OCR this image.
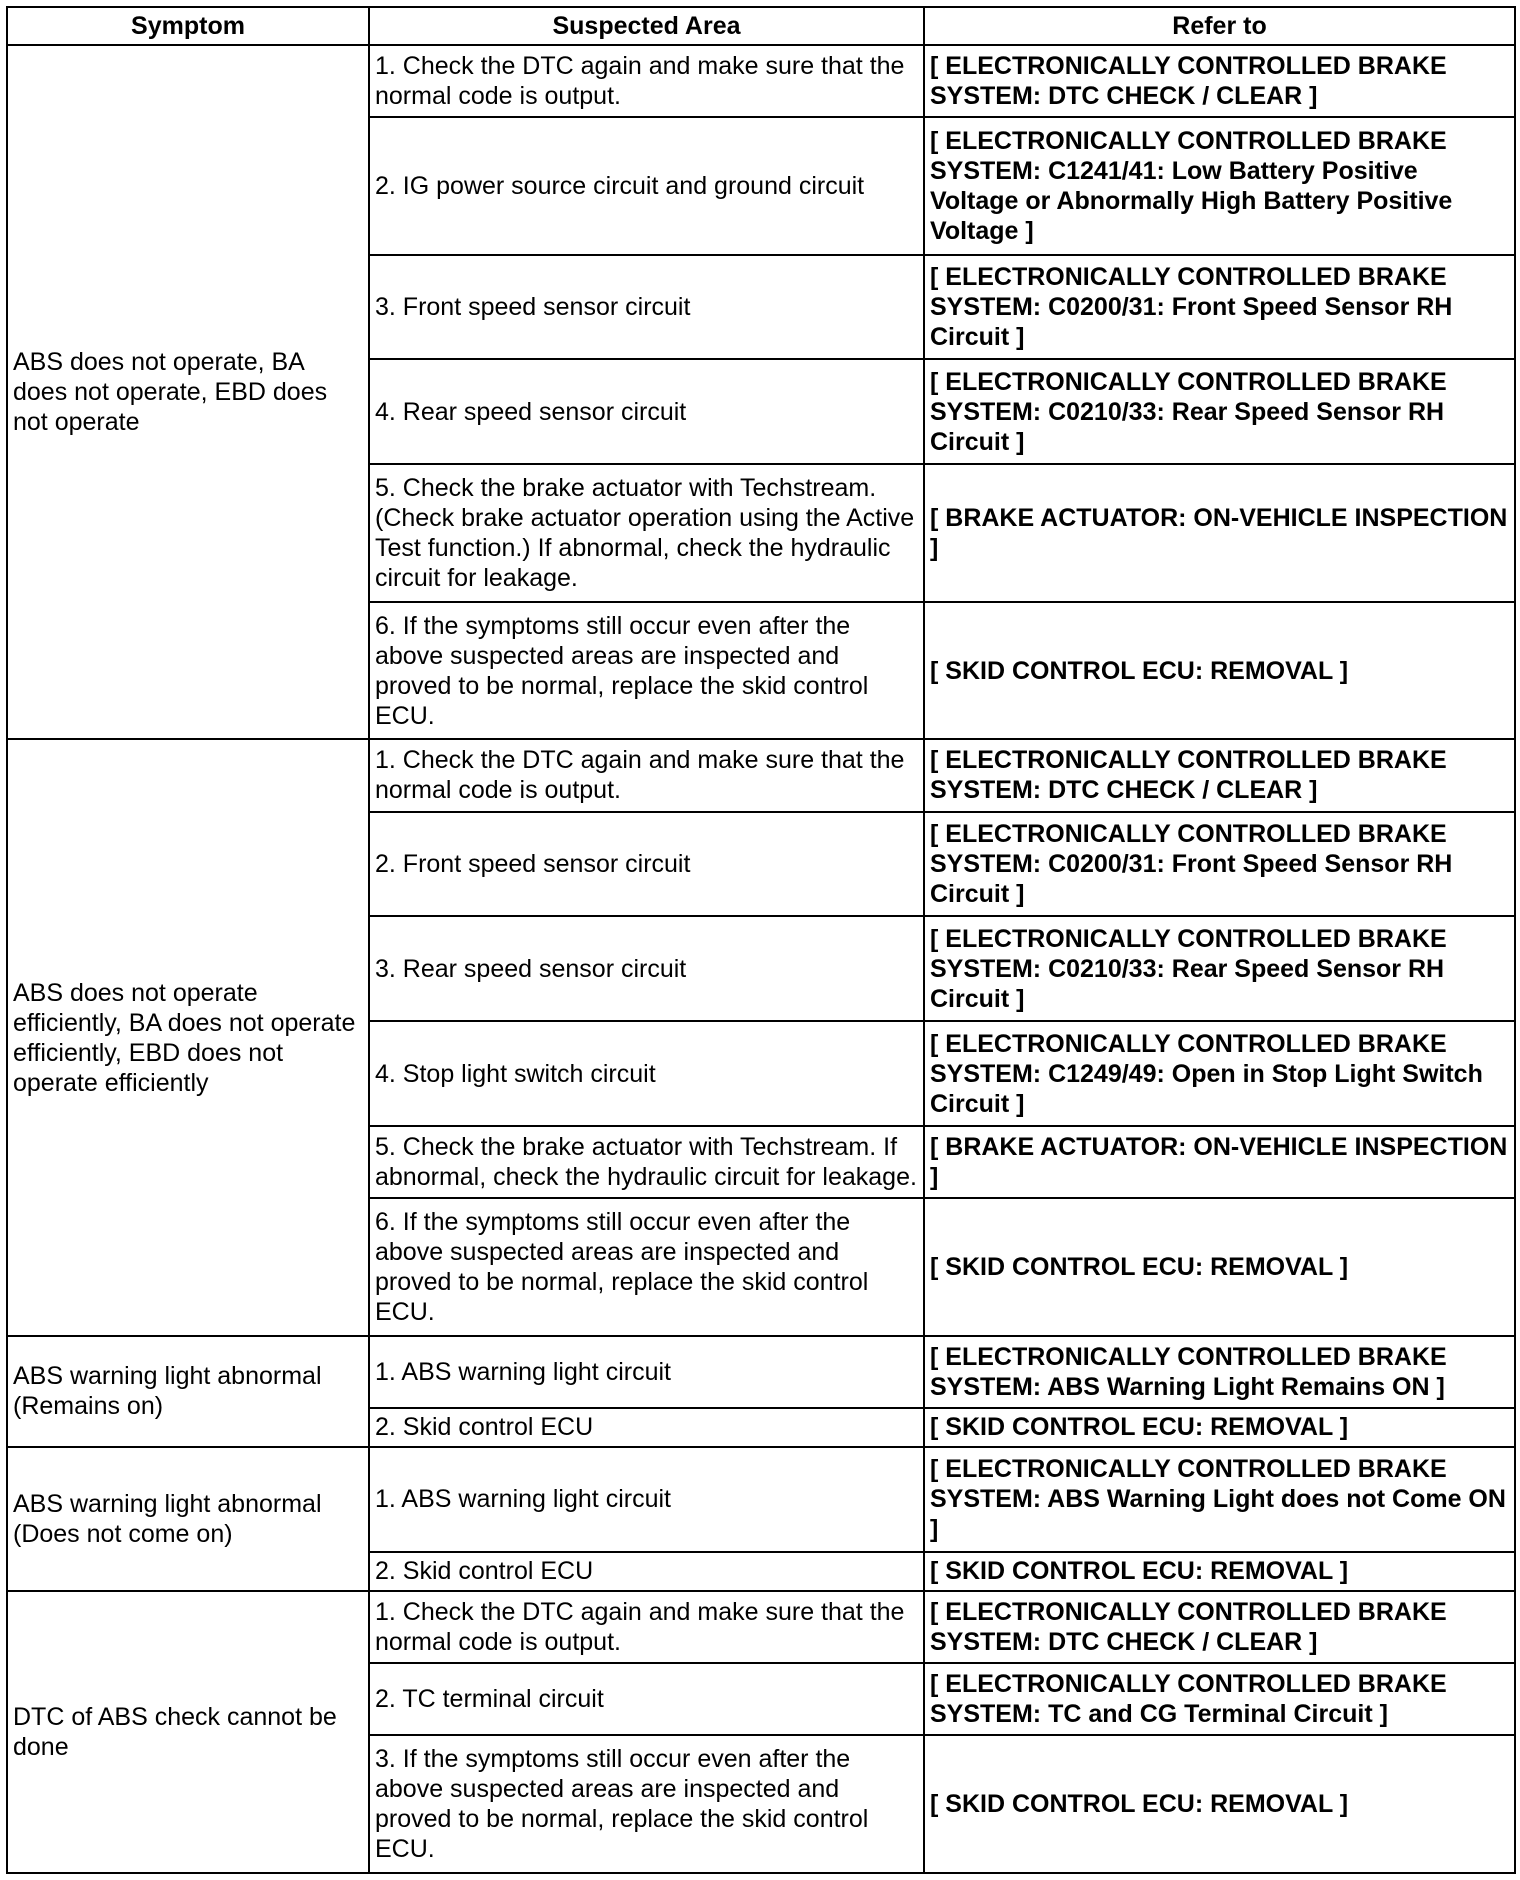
Symptom	Suspected Area	Refer to
ABS does not operate, BA does not operate, EBD does not operate	1. Check the DTC again and make sure that the normal code is output.	[ ELECTRONICALLY CONTROLLED BRAKE SYSTEM: DTC CHECK / CLEAR ]
	2. IG power source circuit and ground circuit	[ ELECTRONICALLY CONTROLLED BRAKE SYSTEM: C1241/41: Low Battery Positive Voltage or Abnormally High Battery Positive Voltage ]
	3. Front speed sensor circuit	[ ELECTRONICALLY CONTROLLED BRAKE SYSTEM: C0200/31: Front Speed Sensor RH Circuit ]
	4. Rear speed sensor circuit	[ ELECTRONICALLY CONTROLLED BRAKE SYSTEM: C0210/33: Rear Speed Sensor RH Circuit ]
	5. Check the brake actuator with Techstream. (Check brake actuator operation using the Active Test function.) If abnormal, check the hydraulic circuit for leakage.	[ BRAKE ACTUATOR: ON-VEHICLE INSPECTION ]
	6. If the symptoms still occur even after the above suspected areas are inspected and proved to be normal, replace the skid control ECU.	[ SKID CONTROL ECU: REMOVAL ]
ABS does not operate efficiently, BA does not operate efficiently, EBD does not operate efficiently	1. Check the DTC again and make sure that the normal code is output.	[ ELECTRONICALLY CONTROLLED BRAKE SYSTEM: DTC CHECK / CLEAR ]
	2. Front speed sensor circuit	[ ELECTRONICALLY CONTROLLED BRAKE SYSTEM: C0200/31: Front Speed Sensor RH Circuit ]
	3. Rear speed sensor circuit	[ ELECTRONICALLY CONTROLLED BRAKE SYSTEM: C0210/33: Rear Speed Sensor RH Circuit ]
	4. Stop light switch circuit	[ ELECTRONICALLY CONTROLLED BRAKE SYSTEM: C1249/49: Open in Stop Light Switch Circuit ]
	5. Check the brake actuator with Techstream. If abnormal, check the hydraulic circuit for leakage.	[ BRAKE ACTUATOR: ON-VEHICLE INSPECTION ]
	6. If the symptoms still occur even after the above suspected areas are inspected and proved to be normal, replace the skid control ECU.	[ SKID CONTROL ECU: REMOVAL ]
ABS warning light abnormal (Remains on)	1. ABS warning light circuit	[ ELECTRONICALLY CONTROLLED BRAKE SYSTEM: ABS Warning Light Remains ON ]
	2. Skid control ECU	[ SKID CONTROL ECU: REMOVAL ]
ABS warning light abnormal (Does not come on)	1. ABS warning light circuit	[ ELECTRONICALLY CONTROLLED BRAKE SYSTEM: ABS Warning Light does not Come ON ]
	2. Skid control ECU	[ SKID CONTROL ECU: REMOVAL ]
DTC of ABS check cannot be done	1. Check the DTC again and make sure that the normal code is output.	[ ELECTRONICALLY CONTROLLED BRAKE SYSTEM: DTC CHECK / CLEAR ]
	2. TC terminal circuit	[ ELECTRONICALLY CONTROLLED BRAKE SYSTEM: TC and CG Terminal Circuit ]
	3. If the symptoms still occur even after the above suspected areas are inspected and proved to be normal, replace the skid control ECU.	[ SKID CONTROL ECU: REMOVAL ]
